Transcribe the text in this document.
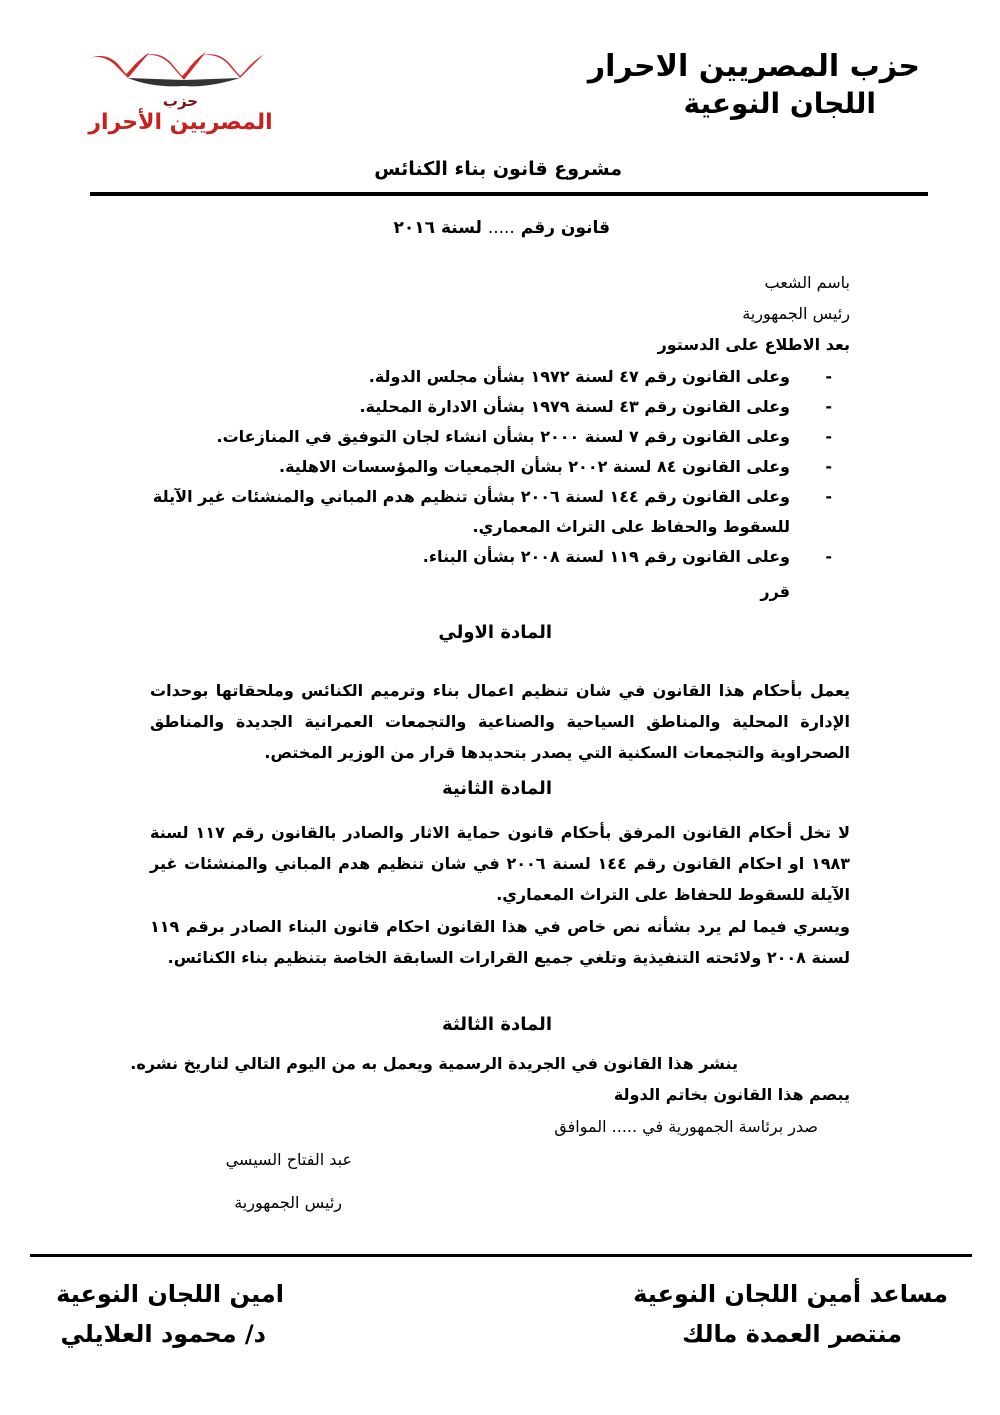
حزب المصريين الاحرار
اللجان النوعية
حزب
المصريين الأحرار
مشروع قانون بناء الكنائس
قانون رقم ..... لسنة ٢٠١٦
باسم الشعب
رئيس الجمهورية
بعد الاطلاع على الدستور
-
وعلى القانون رقم ٤٧ لسنة ١٩٧٢ بشأن مجلس الدولة.
-
وعلى القانون رقم ٤٣ لسنة ١٩٧٩ بشأن الادارة المحلية.
-
وعلى القانون رقم ٧ لسنة ٢٠٠٠ بشأن انشاء لجان التوفيق في المنازعات.
-
وعلى القانون ٨٤ لسنة ٢٠٠٢ بشأن الجمعيات والمؤسسات الاهلية.
-
وعلى القانون رقم ١٤٤ لسنة ٢٠٠٦ بشأن تنظيم هدم المباني والمنشئات غير الآيلة
للسقوط والحفاظ على التراث المعماري.
-
وعلى القانون رقم ١١٩ لسنة ٢٠٠٨ بشأن البناء.
قرر
المادة الاولي
يعمل بأحكام هذا القانون في شان تنظيم اعمال بناء وترميم الكنائس وملحقاتها بوحدات الإدارة المحلية والمناطق السياحية والصناعية والتجمعات العمرانية الجديدة والمناطق الصحراوية والتجمعات السكنية التي يصدر بتحديدها قرار من الوزير المختص.
المادة الثانية
لا تخل أحكام القانون المرفق بأحكام قانون حماية الاثار والصادر بالقانون رقم ١١٧ لسنة ١٩٨٣ او احكام القانون رقم ١٤٤ لسنة ٢٠٠٦ في شان تنظيم هدم المباني والمنشئات غير الآيلة للسقوط للحفاظ على التراث المعماري.
ويسري فيما لم يرد بشأنه نص خاص في هذا القانون احكام قانون البناء الصادر برقم ١١٩ لسنة ٢٠٠٨ ولائحته التنفيذية وتلغي جميع القرارات السابقة الخاصة بتنظيم بناء الكنائس.
المادة الثالثة
ينشر هذا القانون في الجريدة الرسمية ويعمل به من اليوم التالي لتاريخ نشره.
يبصم هذا القانون بخاتم الدولة
صدر برئاسة الجمهورية في ..... الموافق
عبد الفتاح السيسي
رئيس الجمهورية
مساعد أمين اللجان النوعية
منتصر العمدة مالك
امين اللجان النوعية
د/ محمود العلايلي
